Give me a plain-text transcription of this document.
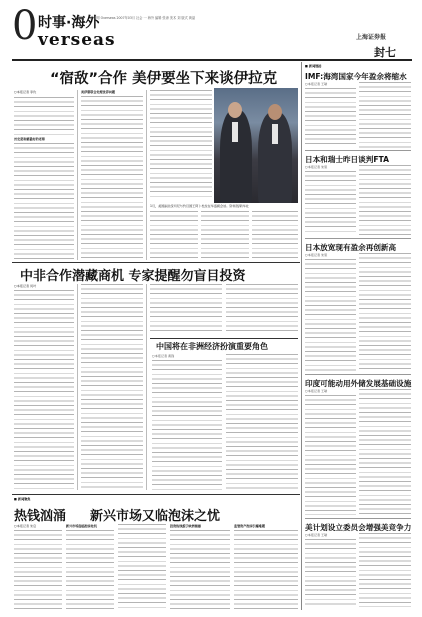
0 时事·海外
verseas
新华网 Overseas 2007年03月 社会 一 海外 编辑 张涛 美术 刘 版式 黄晶
上海证券报
封七
“宿敌”合作 美伊要坐下来谈伊拉克
○本报记者 李玫
历史是和解最好的老师
美伊要联合处理世界问题
1月，美国副总统切尼与约旦国王阿卜杜拉在华盛顿会谈。资料图/新华社
■ 新闻链接
IMF:海湾国家今年盈余将缩水
○本报记者 王敏
日本和瑞士昨日谈判FTA
○本报记者 朱思
日本放宽现有盈余再创新高
○本报记者 朱思
印度可能动用外储发展基础设施
○本报记者 王敏
美计划设立委员会增强美竞争力
○本报记者 王敏
中非合作潜藏商机 专家提醒勿盲目投资
○本报记者 何叶
中国将在非洲经济扮演重要角色
○本报记者 黄锋
■ 新闻聚焦
热钱汹涌 新兴市场又临泡沫之忧
○本报记者 朱启	新兴市场面临泡沫危机	投资热钱源于欧洲储蓄	监管资产泡沫引爆难题
